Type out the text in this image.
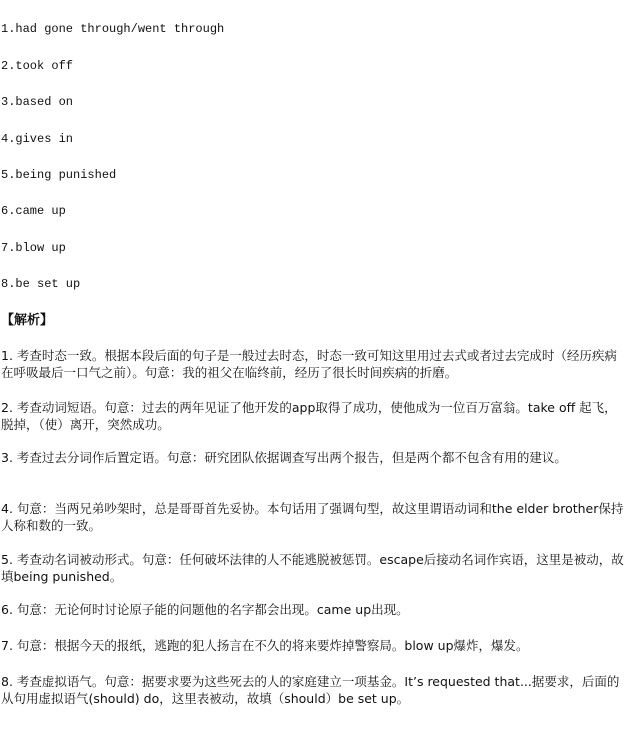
1.had gone through/went through
2.took off
3.based on
4.gives in
5.being punished
6.came up
7.blow up
8.be set up
【解析】
1. 考查时态一致。根据本段后面的句子是一般过去时态，时态一致可知这里用过去式或者过去完成时（经历疾病在呼吸最后一口气之前）。句意：我的祖父在临终前，经历了很长时间疾病的折磨。
2. 考查动词短语。句意：过去的两年见证了他开发的app取得了成功，使他成为一位百万富翁。take off 起飞，脱掉，（使）离开，突然成功。
3. 考查过去分词作后置定语。句意：研究团队依据调查写出两个报告，但是两个都不包含有用的建议。
4. 句意：当两兄弟吵架时，总是哥哥首先妥协。本句话用了强调句型，故这里谓语动词和the elder brother保持人称和数的一致。
5. 考查动名词被动形式。句意：任何破坏法律的人不能逃脱被惩罚。escape后接动名词作宾语，这里是被动，故填being punished。
6. 句意：无论何时讨论原子能的问题他的名字都会出现。came up出现。
7. 句意：根据今天的报纸，逃跑的犯人扬言在不久的将来要炸掉警察局。blow up爆炸，爆发。
8. 考查虚拟语气。句意：据要求要为这些死去的人的家庭建立一项基金。It’s requested that...据要求，后面的从句用虚拟语气(should) do，这里表被动，故填（should）be set up。
